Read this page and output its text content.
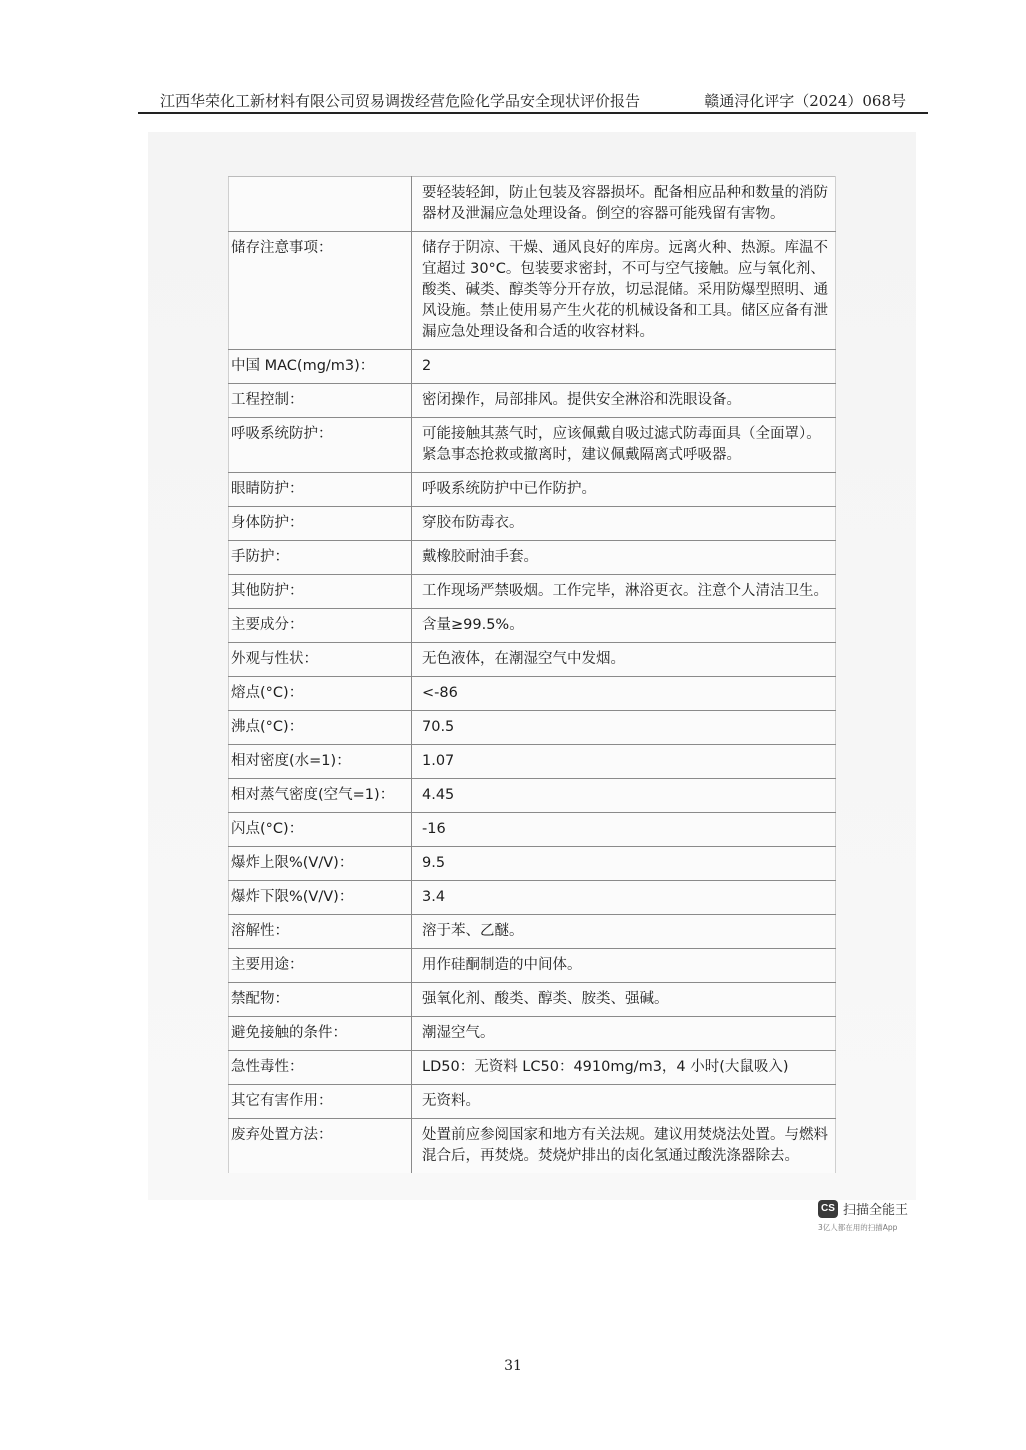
江西华荣化工新材料有限公司贸易调拨经营危险化学品安全现状评价报告	赣通浔化评字（2024）068号
	要轻装轻卸，防止包装及容器损坏。配备相应品种和数量的消防器材及泄漏应急处理设备。倒空的容器可能残留有害物。
储存注意事项：	储存于阴凉、干燥、通风良好的库房。远离火种、热源。库温不宜超过 30°C。包装要求密封，不可与空气接触。应与氧化剂、酸类、碱类、醇类等分开存放，切忌混储。采用防爆型照明、通风设施。禁止使用易产生火花的机械设备和工具。储区应备有泄漏应急处理设备和合适的收容材料。
中国 MAC(mg/m3)：	2
工程控制：	密闭操作，局部排风。提供安全淋浴和洗眼设备。
呼吸系统防护：	可能接触其蒸气时，应该佩戴自吸过滤式防毒面具（全面罩）。紧急事态抢救或撤离时，建议佩戴隔离式呼吸器。
眼睛防护：	呼吸系统防护中已作防护。
身体防护：	穿胶布防毒衣。
手防护：	戴橡胶耐油手套。
其他防护：	工作现场严禁吸烟。工作完毕，淋浴更衣。注意个人清洁卫生。
主要成分：	含量≥99.5%。
外观与性状：	无色液体，在潮湿空气中发烟。
熔点(°C)：	<-86
沸点(°C)：	70.5
相对密度(水=1)：	1.07
相对蒸气密度(空气=1)：	4.45
闪点(°C)：	-16
爆炸上限%(V/V)：	9.5
爆炸下限%(V/V)：	3.4
溶解性：	溶于苯、乙醚。
主要用途：	用作硅酮制造的中间体。
禁配物：	强氧化剂、酸类、醇类、胺类、强碱。
避免接触的条件：	潮湿空气。
急性毒性：	LD50：无资料 LC50：4910mg/m3，4 小时(大鼠吸入)
其它有害作用：	无资料。
废弃处置方法：	处置前应参阅国家和地方有关法规。建议用焚烧法处置。与燃料混合后，再焚烧。焚烧炉排出的卤化氢通过酸洗涤器除去。
CS 扫描全能王
3亿人都在用的扫描App
31
